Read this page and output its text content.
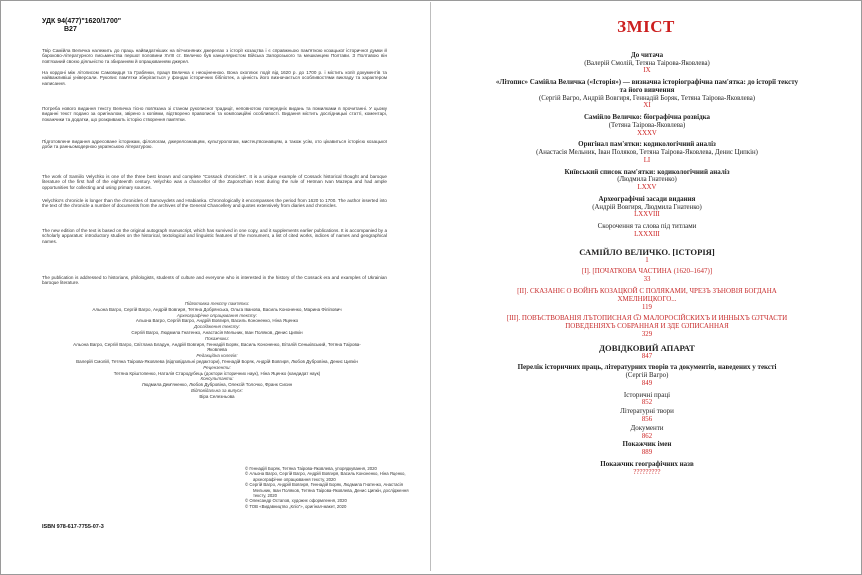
УДК 94(477)"1620/1700"
В27

Твір Самійла Величка належить до праць найвидатніших на вітчизняних джерелах з історії козацтва і є справжньою пам'яткою козацької історичної думки й бароково-літературного письменства першої половини XVIII ст. Величко був канцеляристом Війська Запорозького та мешканцем Полтави. З Полтавою він пов'язаний своєю діяльністю та збиранням й опрацюванням джерел.

На кордоні між літописом Самовидця та Грабянки, праця Величка є неоціненною. Вона охоплює події від 1620 р. до 1700 р. і містить копії документів та найважливіші універсали. Рукопис пам'ятки зберігається у фондах історичних бібліотек, а цінність його визначається особливостями викладу та характером написання.

Потреба нового видання тексту Величка тісно пов'язана зі станом рукописної традиції, неповнотою попередніх видань та помилками в прочитанні. У цьому виданні текст подано за оригіналом, звірено з копіями, відтворено правописні та композиційні особливості. Видання містить дослідницькі статті, коментарі, покажчики та додатки, що розкривають історію створення пам'ятки.

Підготовлене видання адресоване історикам, філологам, джерелознавцям, культурологам, мистецтвознавцям, а також усім, хто цікавиться історією козацької доби та ранньомодерною українською літературою.

The work of Samiilo Velychko is one of the three best known and complete "Cossack chronicles". It is a unique example of Cossack historical thought and baroque literature of the first half of the eighteenth century. Velychko was a chancellor of the Zaporozhian Host during the rule of Hetman Ivan Mazepa and had ample opportunities for collecting and using primary sources.

Velychko's chronicle is longer than the chronicles of Samovydets and Hrabianka. Chronologically it encompasses the period from 1620 to 1700. The author inserted into the text of the chronicle a number of documents from the archives of the General Chancellery and quotes extensively from diaries and chronicles.

The new edition of the text is based on the original autograph manuscript, which has survived in one copy, and it supplements earlier publications. It is accompanied by a scholarly apparatus: introductory studies on the historical, textological and linguistic features of the monument, a list of cited works, indices of names and geographical names.

The publication is addressed to historians, philologists, students of culture and everyone who is interested in the history of the Cossack era and examples of Ukrainian baroque literature.

Підготовка тексту пам'ятки:
Альона Вагро, Сергій Вагро, Андрій Вовгиря, Тетяна Добрянська, Ольга Іванова, Василь Кононенко, Марина Філіпович
Археографічне опрацювання тексту:
Альона Вагро, Сергій Вагро, Андрій Вовгиря, Василь Кононенко, Ніна Яценко
Дослідження тексту:
Сергій Вагро, Людмила Гнатенко, Анастасія Мельник, Іван Поляков, Денис Ципкін
Покажчики:
Альона Вагро, Сергій Вагро, Світлана Бладун, Андрій Вовгиря, Геннадій Боряк, Василь Кононенко, Віталій Сеньківський, Тетяна Таірова-Яковлева
Редакційна колегія:
Валерій Смолій, Тетяна Таірова-Яковлева (відповідальні редактори), Геннадій Боряк, Андрій Вовгиря, Любов Дубровіна, Денис Ципкін
Рецензенти:
Тетяна Кріштопенко, Наталія Стародубець (доктори історичних наук), Ніна Яценко (кандидат наук)
Консультанти:
Людмила Дем'яненко, Любов Дубровіна, Олексій Толочко, Франк Сисин
Відповідальна за випуск:
Віра Селезньова
© Геннадій Боряк, Тетяна Таірова-Яковлева, упорядкування, 2020
© Альона Вагро, Сергій Вагро, Андрій Вовгиря, Василь Кононенко, Ніна Яценко, археографічне опрацювання тексту, 2020
© Сергій Вагро, Андрій Вовгиря, Геннадій Боряк, Людмила Гнатенко, Анастасія Мельник, Іван Поляков, Тетяна Таірова-Яковлева, Денис Ципкін, дослідження тексту, 2020
© Олександр Остапов, художнє оформлення, 2020
© ТОВ «Видавництво „Кліо“», оригінал-макет, 2020
ISBN 978-617-7755-07-3
ЗМІСТ
До читача
(Валерій Смолій, Тетяна Таірова-Яковлева)
IX
«Літопис» Самійла Величка («Історія») — визначна історіографічна пам'ятка: до історії тексту та його вивчення
(Сергій Вагро, Андрій Вовгиря, Геннадій Боряк, Тетяна Таірова-Яковлева)
XI
Самійло Величко: біографічна розвідка
(Тетяна Таірова-Яковлева)
XXXV
Оригінал пам'ятки: кодикологічний аналіз
(Анастасія Мельник, Іван Поляков, Тетяна Таірова-Яковлева, Денис Ципкін)
LI
Київський список пам'ятки: кодикологічний аналіз
(Людмила Гнатенко)
LXXV
Археографічні засади видання
(Андрій Вовгиря, Людмила Гнатенко)
LXXVIII
Скорочення та слова під титлами
LXXXIII
САМІЙЛО ВЕЛИЧКО. [ІСТОРІЯ]
1
[І]. [ПОЧАТКОВА ЧАСТИНА (1620–1647)]
33
[ІІ]. СКАЗАНІЄ О ВОЙНЪ КОЗАЦКОЙ С ПОЛЯКАМИ, ЧРЕЗЪ ЗЪНОВІЯ БОГДАНА ХМЕЛНИЦКОГО...
119
[ІІІ]. ПОВЪСТВОВАНІЯ ЛЪТОПИСНАЯ Ѿ МАЛОРОСІЙСКИХЪ И ИННЫХЪ ѠТЧАСТИ ПОВЕДЕНІЯХЪ СОБРАННАЯ И ЗДЕ ѠПИСАННАЯ
329
ДОВІДКОВИЙ АПАРАТ
847
Перелік історичних праць, літературних творів та документів, наведених у тексті
(Сергій Вагро)
849
Історичні праці
852
Літературні твори
856
Документи
862
Покажчик імен
889
Покажчик географічних назв
?????????
